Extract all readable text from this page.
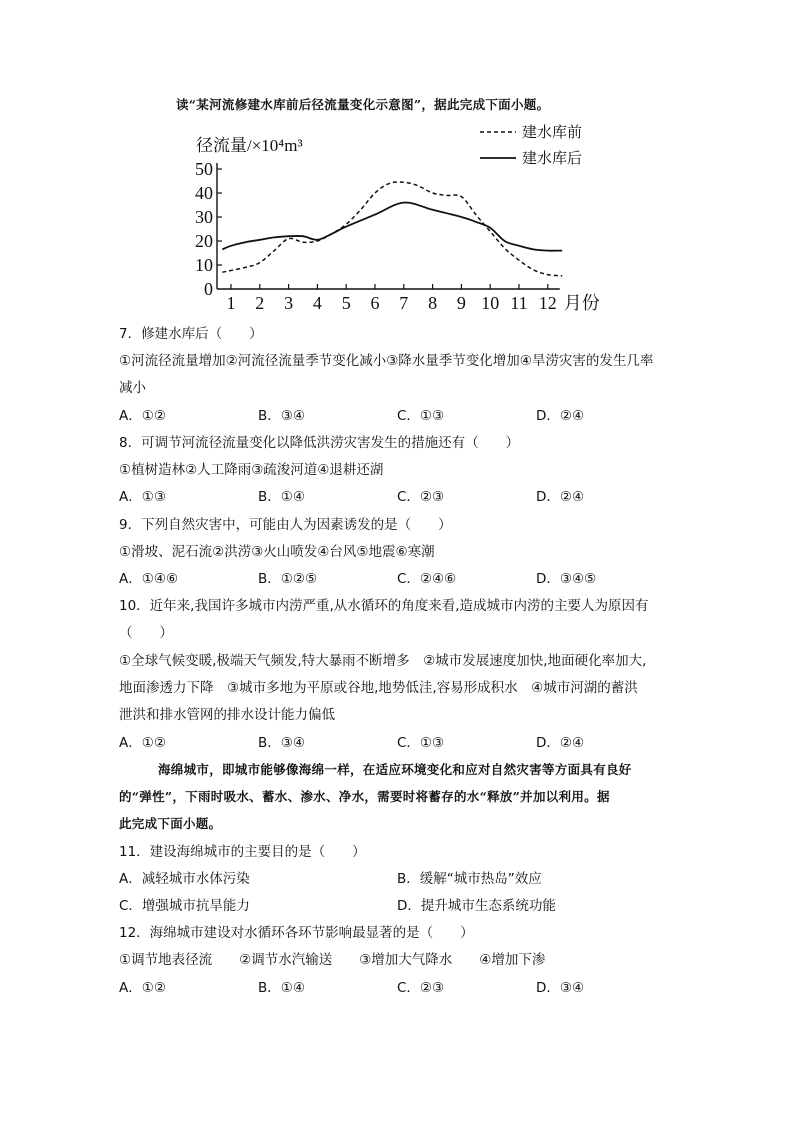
读“某河流修建水库前后径流量变化示意图”，据此完成下面小题。
建水库前
建水库后
径流量/×10⁴m³
0
10
20
30
40
50
1 2 3 4 5 6 7 8 9 10 11 12 月份
7．修建水库后（　　）
①河流径流量增加②河流径流量季节变化减小③降水量季节变化增加④旱涝灾害的发生几率
减小
A．①②	B．③④	C．①③	D．②④
8．可调节河流径流量变化以降低洪涝灾害发生的措施还有（　　）
①植树造林②人工降雨③疏浚河道④退耕还湖
A．①③	B．①④	C．②③	D．②④
9．下列自然灾害中，可能由人为因素诱发的是（　　）
①滑坡、泥石流②洪涝③火山喷发④台风⑤地震⑥寒潮
A．①④⑥	B．①②⑤	C．②④⑥	D．③④⑤
10．近年来,我国许多城市内涝严重,从水循环的角度来看,造成城市内涝的主要人为原因有
（　　）
①全球气候变暖,极端天气频发,特大暴雨不断增多　②城市发展速度加快,地面硬化率加大,
地面渗透力下降　③城市多地为平原或谷地,地势低洼,容易形成积水　④城市河湖的蓄洪
泄洪和排水管网的排水设计能力偏低
A．①②	B．③④	C．①③	D．②④
海绵城市，即城市能够像海绵一样，在适应环境变化和应对自然灾害等方面具有良好
的“弹性”，下雨时吸水、蓄水、渗水、净水，需要时将蓄存的水“释放”并加以利用。据
此完成下面小题。
11．建设海绵城市的主要目的是（　　）
A．减轻城市水体污染	B．缓解“城市热岛”效应
C．增强城市抗旱能力	D．提升城市生态系统功能
12．海绵城市建设对水循环各环节影响最显著的是（　　）
①调节地表径流　　②调节水汽输送　　③增加大气降水　　④增加下渗
A．①②	B．①④	C．②③	D．③④
